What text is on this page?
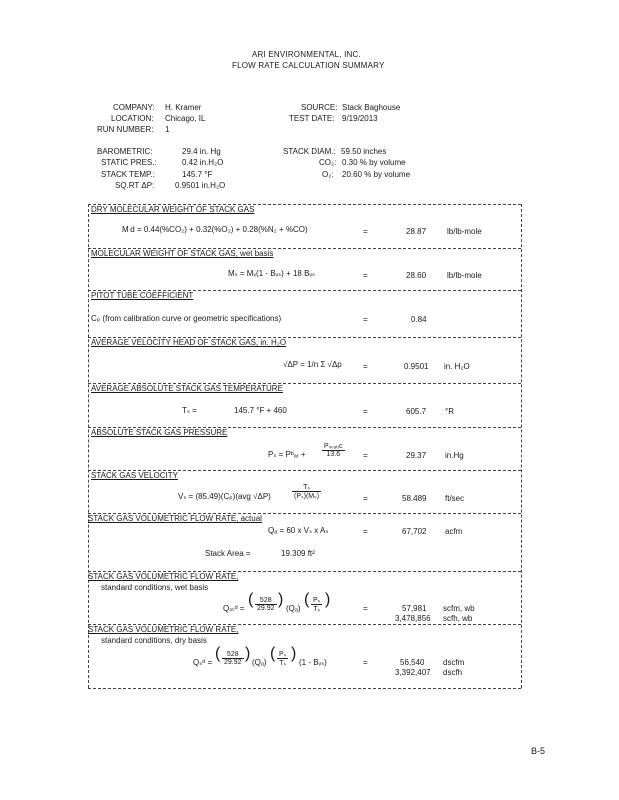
ARI ENVIRONMENTAL, INC.
FLOW RATE CALCULATION SUMMARY
COMPANY: H. Kramer	SOURCE: Stack Baghouse
LOCATION: Chicago, IL	TEST DATE: 9/19/2013
RUN NUMBER: 1
BAROMETRIC:	29.4 in. Hg	STACK DIAM.: 59.50 inches
STATIC PRES.:	0.42 in.H₂O	CO₂: 0.30 % by volume
STACK TEMP.:	145.7 °F	O₂: 20.60 % by volume
SQ.RT ΔP:	0.9501 in.H₂O
DRY MOLECULAR WEIGHT OF STACK GAS
M d = 0.44(%CO₂) + 0.32(%O₂) + 0.28(%N₂ + %CO)	=	28.87	lb/lb-mole
MOLECULAR WEIGHT OF STACK GAS, wet basis
Mₛ = Mₓ(1 - Bᵥₛ) + 18 Bᵥₛ	=	28.60	lb/lb-mole
PITOT TUBE COEFFICIENT
Cₚ (from calibration curve or geometric specifications)	=	0.84
AVERAGE VELOCITY HEAD OF STACK GAS, in. H₂O
√ΔP = 1/n Σ √Δp	=	0.9501 in. H₂O
AVERAGE ABSOLUTE STACK GAS TEMPERATURE
Tₛ =	145.7 °F + 460	=	605.7 °R
ABSOLUTE STACK GAS PRESSURE
Pₛ = Pᵇₐᵣ + $\frac{\text{Pₛₜₐₜᵢc}}{13.6}$ =	29.37 in.Hg
STACK GAS VELOCITY
Vₛ = (85.49)(Cₚ)(avg √ΔP)	$\frac{\text{Tₛ}}{\text{(Pₛ)(Mₛ)}}$	=	58.489 ft/sec
STACK GAS VOLUMETRIC FLOW RATE, actual
Qₐ = 60 x Vₛ x Aₛ	=	67,702 acfm
Stack Area =	19.309 ft²
STACK GAS VOLUMETRIC FLOW RATE,
standard conditions, wet basis
Qₛₜᵈ =
( $\frac{528}{29.92}$ )
(Qₐ)
( $\frac{\text{Pₛ}}{\text{Tₛ}}$ )
=	57,981 scfm, wb
3,478,856 scfh, wb
STACK GAS VOLUMETRIC FLOW RATE,
standard conditions, dry basis
Qₛᵈ =
( $\frac{528}{29.92}$ )
(Qₐ)
( $\frac{\text{Pₛ}}{\text{Tₛ}}$ )
(1 - Bᵥₛ)	=	56,540 dscfm
3,392,407 dscfh
B-5
